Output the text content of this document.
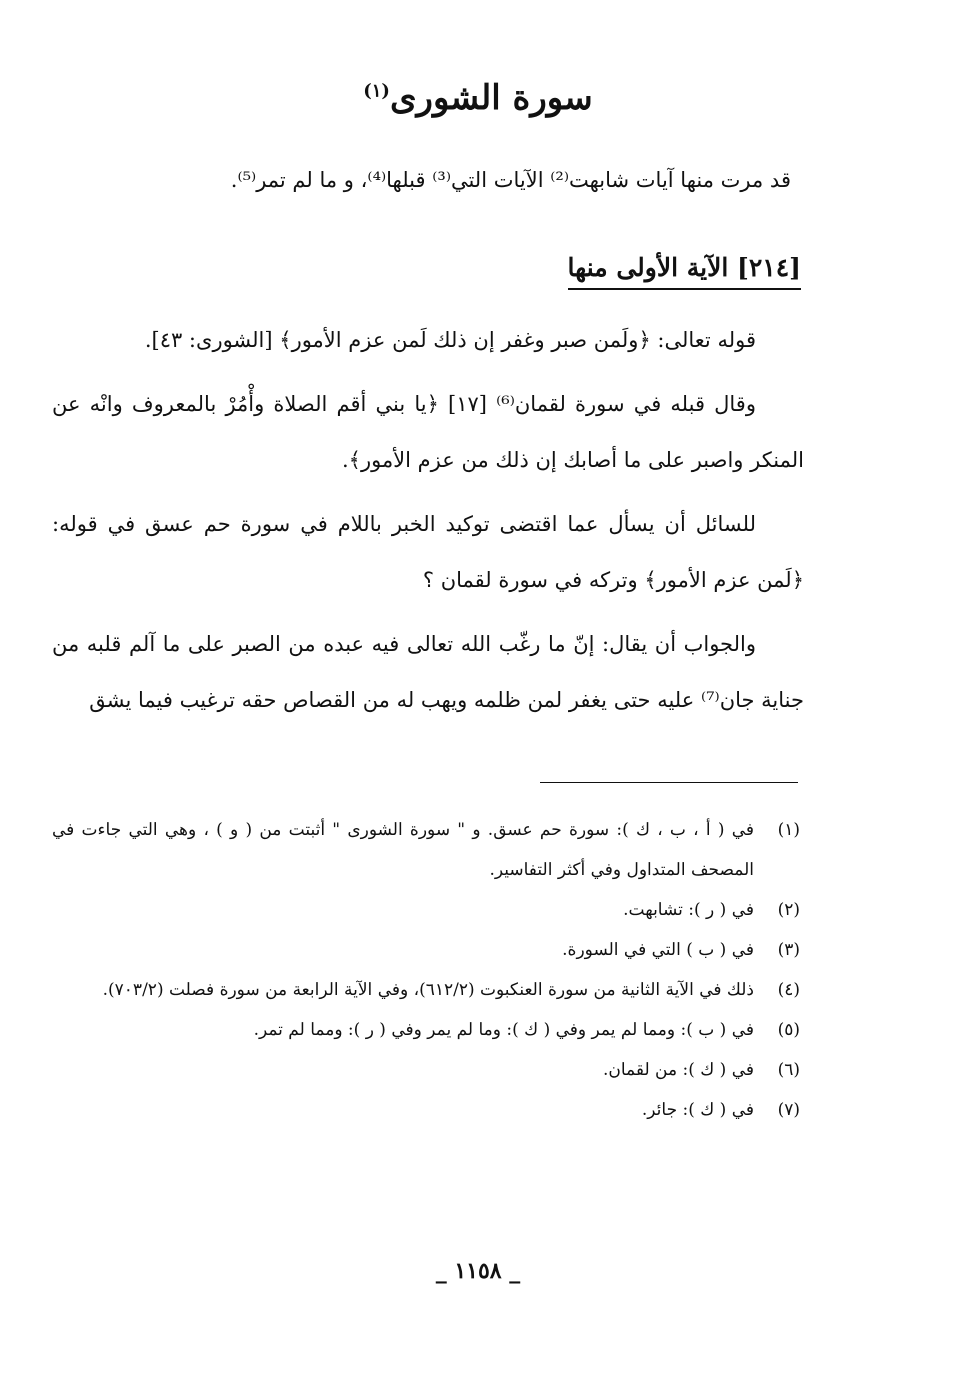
سورة الشورى$^{(١)}$
قد مرت منها آيات شابهت⁽²⁾ الآيات التي⁽³⁾ قبلها⁽⁴⁾، و ما لم تمر⁽⁵⁾.
[٢١٤] الآية الأولى منها

قوله تعالى: ﴿ولَمن صبر وغفر إن ذلك لَمن عزم الأمور﴾ [الشورى: ٤٣].

وقال قبله في سورة لقمان⁽⁶⁾ [١٧] ﴿يا بني أقم الصلاة وأْمُرْ بالمعروف وانْه عن المنكر واصبر على ما أصابك إن ذلك من عزم الأمور﴾.

للسائل أن يسأل عما اقتضى توكيد الخبر باللام في سورة حم عسق في قوله: ﴿لَمن عزم الأمور﴾ وتركه في سورة لقمان ؟

والجواب أن يقال: إنّ ما رغّب الله تعالى فيه عبده من الصبر على ما آلم قلبه من جناية جان⁽⁷⁾ عليه حتى يغفر لمن ظلمه ويهب له من القصاص حقه ترغيب فيما يشق

(١)
في ( أ ، ب ، ك ): سورة حم عسق. و " سورة الشورى " أثبتت من ( و ) ، وهي التي جاءت في المصحف المتداول وفي أكثر التفاسير.
(٢)
في ( ر ): تشابهت.
(٣)
في ( ب ) التي في السورة.
(٤)
ذلك في الآية الثانية من سورة العنكبوت (٦١٢/٢)، وفي الآية الرابعة من سورة فصلت (٧٠٣/٢).
(٥)
في ( ب ): ومما لم يمر وفي ( ك ): وما لم يمر وفي ( ر ): ومما لم تمر.
(٦)
في ( ك ): من لقمان.
(٧)
في ( ك ): جائر.
_ ١١٥٨ _
